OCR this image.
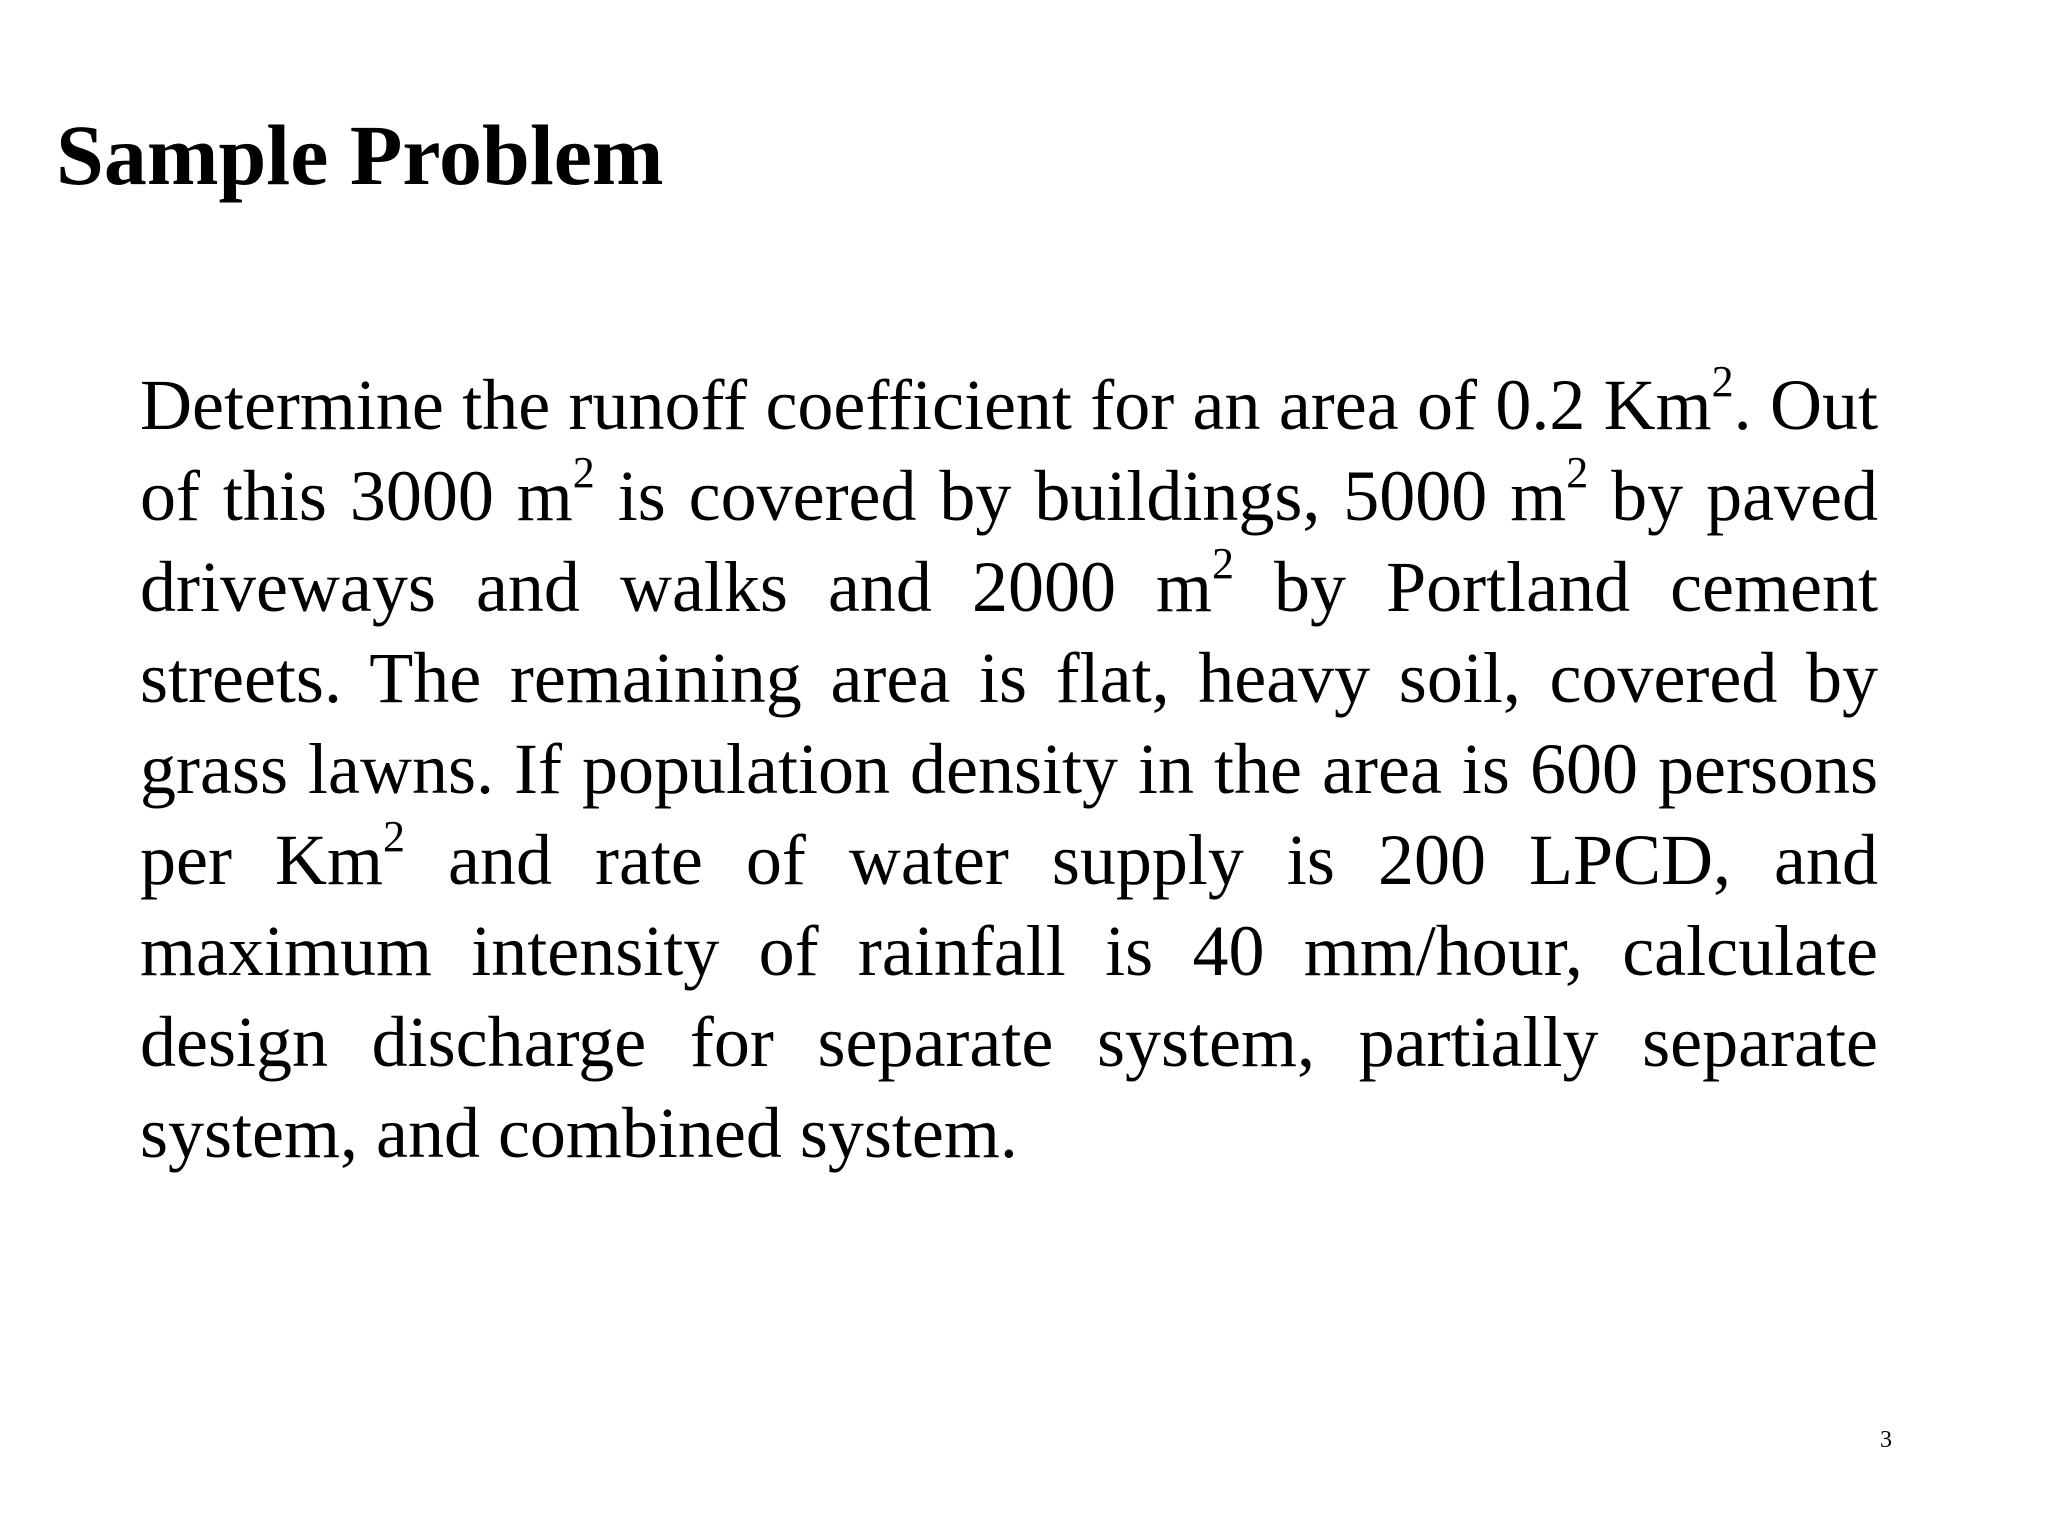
Sample Problem

Determine the runoff coefficient for an area of 0.2 Km$^2$. Out of this 3000 $m^2$ is covered by buildings, 5000 $m^2$ by paved driveways and walks and 2000 $m^2$ by Portland cement streets. The remaining area is flat, heavy soil, covered by grass lawns. If population density in the area is 600 persons per Km$^2$ and rate of water supply is 200 LPCD, and maximum intensity of rainfall is 40 mm/hour, calculate design discharge for separate system, partially separate system, and combined system.

3
